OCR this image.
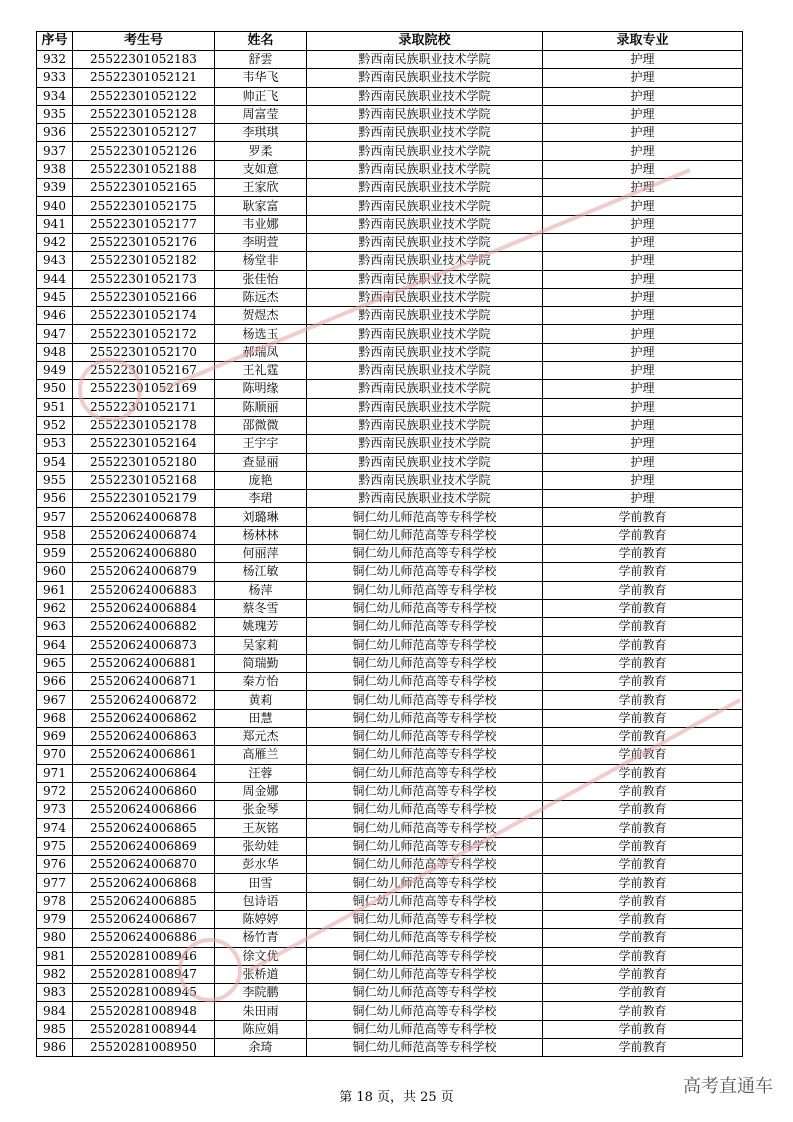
序号	考生号	姓名	录取院校	录取专业
932	25522301052183	舒雲	黔西南民族职业技术学院	护理
933	25522301052121	韦华飞	黔西南民族职业技术学院	护理
934	25522301052122	帅正飞	黔西南民族职业技术学院	护理
935	25522301052128	周富莹	黔西南民族职业技术学院	护理
936	25522301052127	李琪琪	黔西南民族职业技术学院	护理
937	25522301052126	罗柔	黔西南民族职业技术学院	护理
938	25522301052188	支如意	黔西南民族职业技术学院	护理
939	25522301052165	王家欣	黔西南民族职业技术学院	护理
940	25522301052175	耿家富	黔西南民族职业技术学院	护理
941	25522301052177	韦业娜	黔西南民族职业技术学院	护理
942	25522301052176	李明萱	黔西南民族职业技术学院	护理
943	25522301052182	杨堂非	黔西南民族职业技术学院	护理
944	25522301052173	张佳怡	黔西南民族职业技术学院	护理
945	25522301052166	陈远杰	黔西南民族职业技术学院	护理
946	25522301052174	贺煜杰	黔西南民族职业技术学院	护理
947	25522301052172	杨选玉	黔西南民族职业技术学院	护理
948	25522301052170	郝瑞凤	黔西南民族职业技术学院	护理
949	25522301052167	王礼霆	黔西南民族职业技术学院	护理
950	25522301052169	陈明缘	黔西南民族职业技术学院	护理
951	25522301052171	陈顺丽	黔西南民族职业技术学院	护理
952	25522301052178	邵微微	黔西南民族职业技术学院	护理
953	25522301052164	王宇宇	黔西南民族职业技术学院	护理
954	25522301052180	查显丽	黔西南民族职业技术学院	护理
955	25522301052168	庞艳	黔西南民族职业技术学院	护理
956	25522301052179	李珺	黔西南民族职业技术学院	护理
957	25520624006878	刘璐琳	铜仁幼儿师范高等专科学校	学前教育
958	25520624006874	杨林林	铜仁幼儿师范高等专科学校	学前教育
959	25520624006880	何丽萍	铜仁幼儿师范高等专科学校	学前教育
960	25520624006879	杨江敏	铜仁幼儿师范高等专科学校	学前教育
961	25520624006883	杨萍	铜仁幼儿师范高等专科学校	学前教育
962	25520624006884	蔡冬雪	铜仁幼儿师范高等专科学校	学前教育
963	25520624006882	姚瑰芳	铜仁幼儿师范高等专科学校	学前教育
964	25520624006873	吴家莉	铜仁幼儿师范高等专科学校	学前教育
965	25520624006881	简瑞勤	铜仁幼儿师范高等专科学校	学前教育
966	25520624006871	秦方怡	铜仁幼儿师范高等专科学校	学前教育
967	25520624006872	黄莉	铜仁幼儿师范高等专科学校	学前教育
968	25520624006862	田慧	铜仁幼儿师范高等专科学校	学前教育
969	25520624006863	郑元杰	铜仁幼儿师范高等专科学校	学前教育
970	25520624006861	高雁兰	铜仁幼儿师范高等专科学校	学前教育
971	25520624006864	汪蓉	铜仁幼儿师范高等专科学校	学前教育
972	25520624006860	周金娜	铜仁幼儿师范高等专科学校	学前教育
973	25520624006866	张金琴	铜仁幼儿师范高等专科学校	学前教育
974	25520624006865	王灰铭	铜仁幼儿师范高等专科学校	学前教育
975	25520624006869	张幼娃	铜仁幼儿师范高等专科学校	学前教育
976	25520624006870	彭水华	铜仁幼儿师范高等专科学校	学前教育
977	25520624006868	田雪	铜仁幼儿师范高等专科学校	学前教育
978	25520624006885	包诗语	铜仁幼儿师范高等专科学校	学前教育
979	25520624006867	陈婷婷	铜仁幼儿师范高等专科学校	学前教育
980	25520624006886	杨竹青	铜仁幼儿师范高等专科学校	学前教育
981	25520281008946	徐文优	铜仁幼儿师范高等专科学校	学前教育
982	25520281008947	张桥道	铜仁幼儿师范高等专科学校	学前教育
983	25520281008945	李院鹏	铜仁幼儿师范高等专科学校	学前教育
984	25520281008948	朱田雨	铜仁幼儿师范高等专科学校	学前教育
985	25520281008944	陈应娟	铜仁幼儿师范高等专科学校	学前教育
986	25520281008950	余琦	铜仁幼儿师范高等专科学校	学前教育
第 18 页，共 25 页
高考直通车
